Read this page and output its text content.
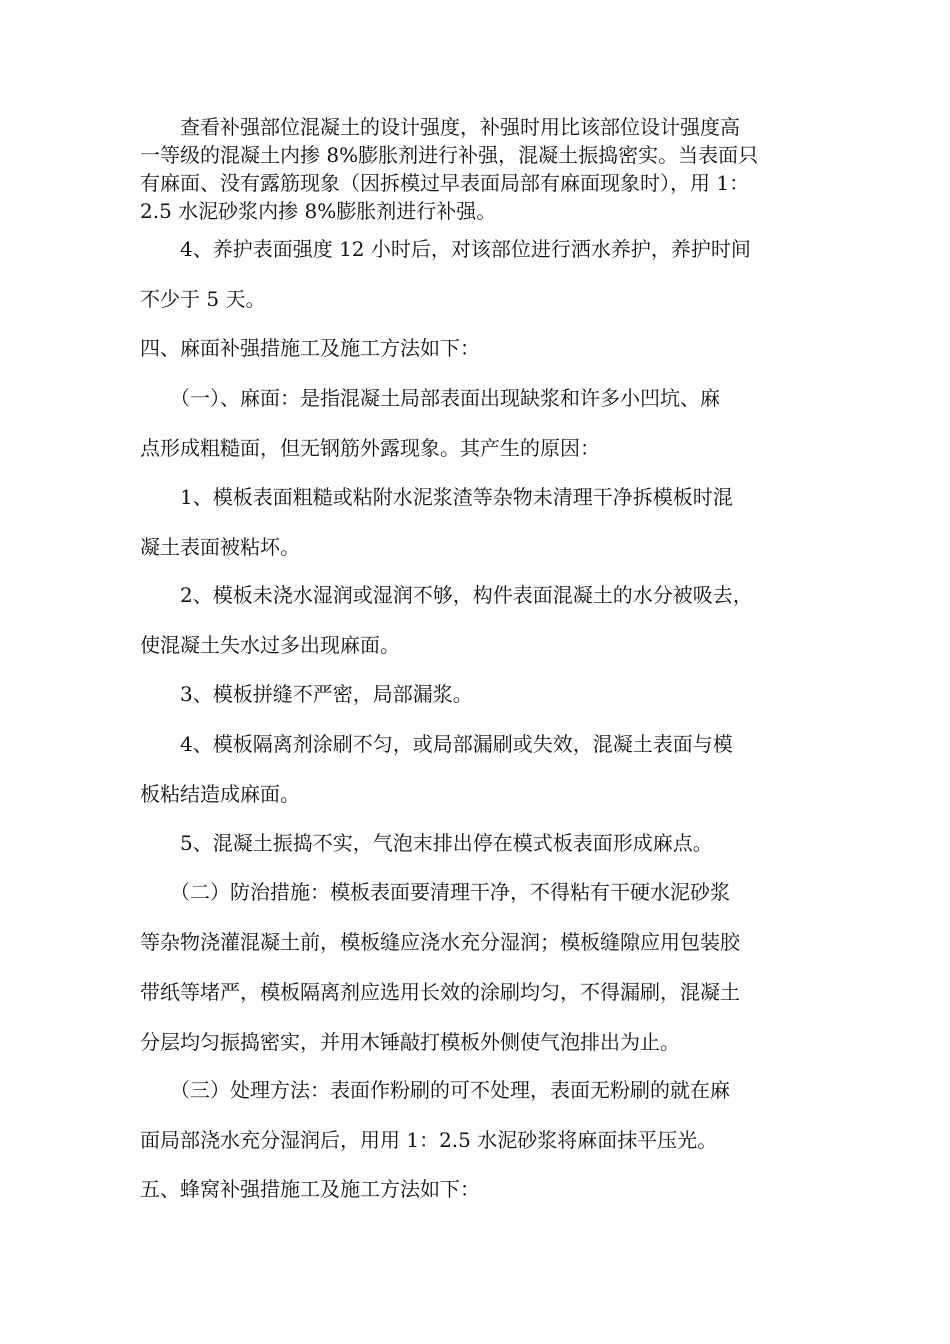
　　查看补强部位混凝土的设计强度，补强时用比该部位设计强度高
一等级的混凝土内掺 8%膨胀剂进行补强，混凝土振捣密实。当表面只
有麻面、没有露筋现象（因拆模过早表面局部有麻面现象时），用 1：
2.5 水泥砂浆内掺 8%膨胀剂进行补强。
　　4、养护表面强度 12 小时后，对该部位进行洒水养护，养护时间
不少于 5 天。
四、麻面补强措施工及施工方法如下：
　　（一）、麻面：是指混凝土局部表面出现缺浆和许多小凹坑、麻
点形成粗糙面，但无钢筋外露现象。其产生的原因：
　　1、模板表面粗糙或粘附水泥浆渣等杂物未清理干净拆模板时混
凝土表面被粘坏。
　　2、模板未浇水湿润或湿润不够，构件表面混凝土的水分被吸去，
使混凝土失水过多出现麻面。
　　3、模板拼缝不严密，局部漏浆。
　　4、模板隔离剂涂刷不匀，或局部漏刷或失效，混凝土表面与模
板粘结造成麻面。
　　5、混凝土振捣不实，气泡末排出停在模式板表面形成麻点。
　　（二）防治措施：模板表面要清理干净，不得粘有干硬水泥砂浆
等杂物浇灌混凝土前，模板缝应浇水充分湿润；模板缝隙应用包装胶
带纸等堵严，模板隔离剂应选用长效的涂刷均匀，不得漏刷，混凝土
分层均匀振捣密实，并用木锤敲打模板外侧使气泡排出为止。
　　（三）处理方法：表面作粉刷的可不处理，表面无粉刷的就在麻
面局部浇水充分湿润后，用用 1：2.5 水泥砂浆将麻面抹平压光。
五、蜂窝补强措施工及施工方法如下：
